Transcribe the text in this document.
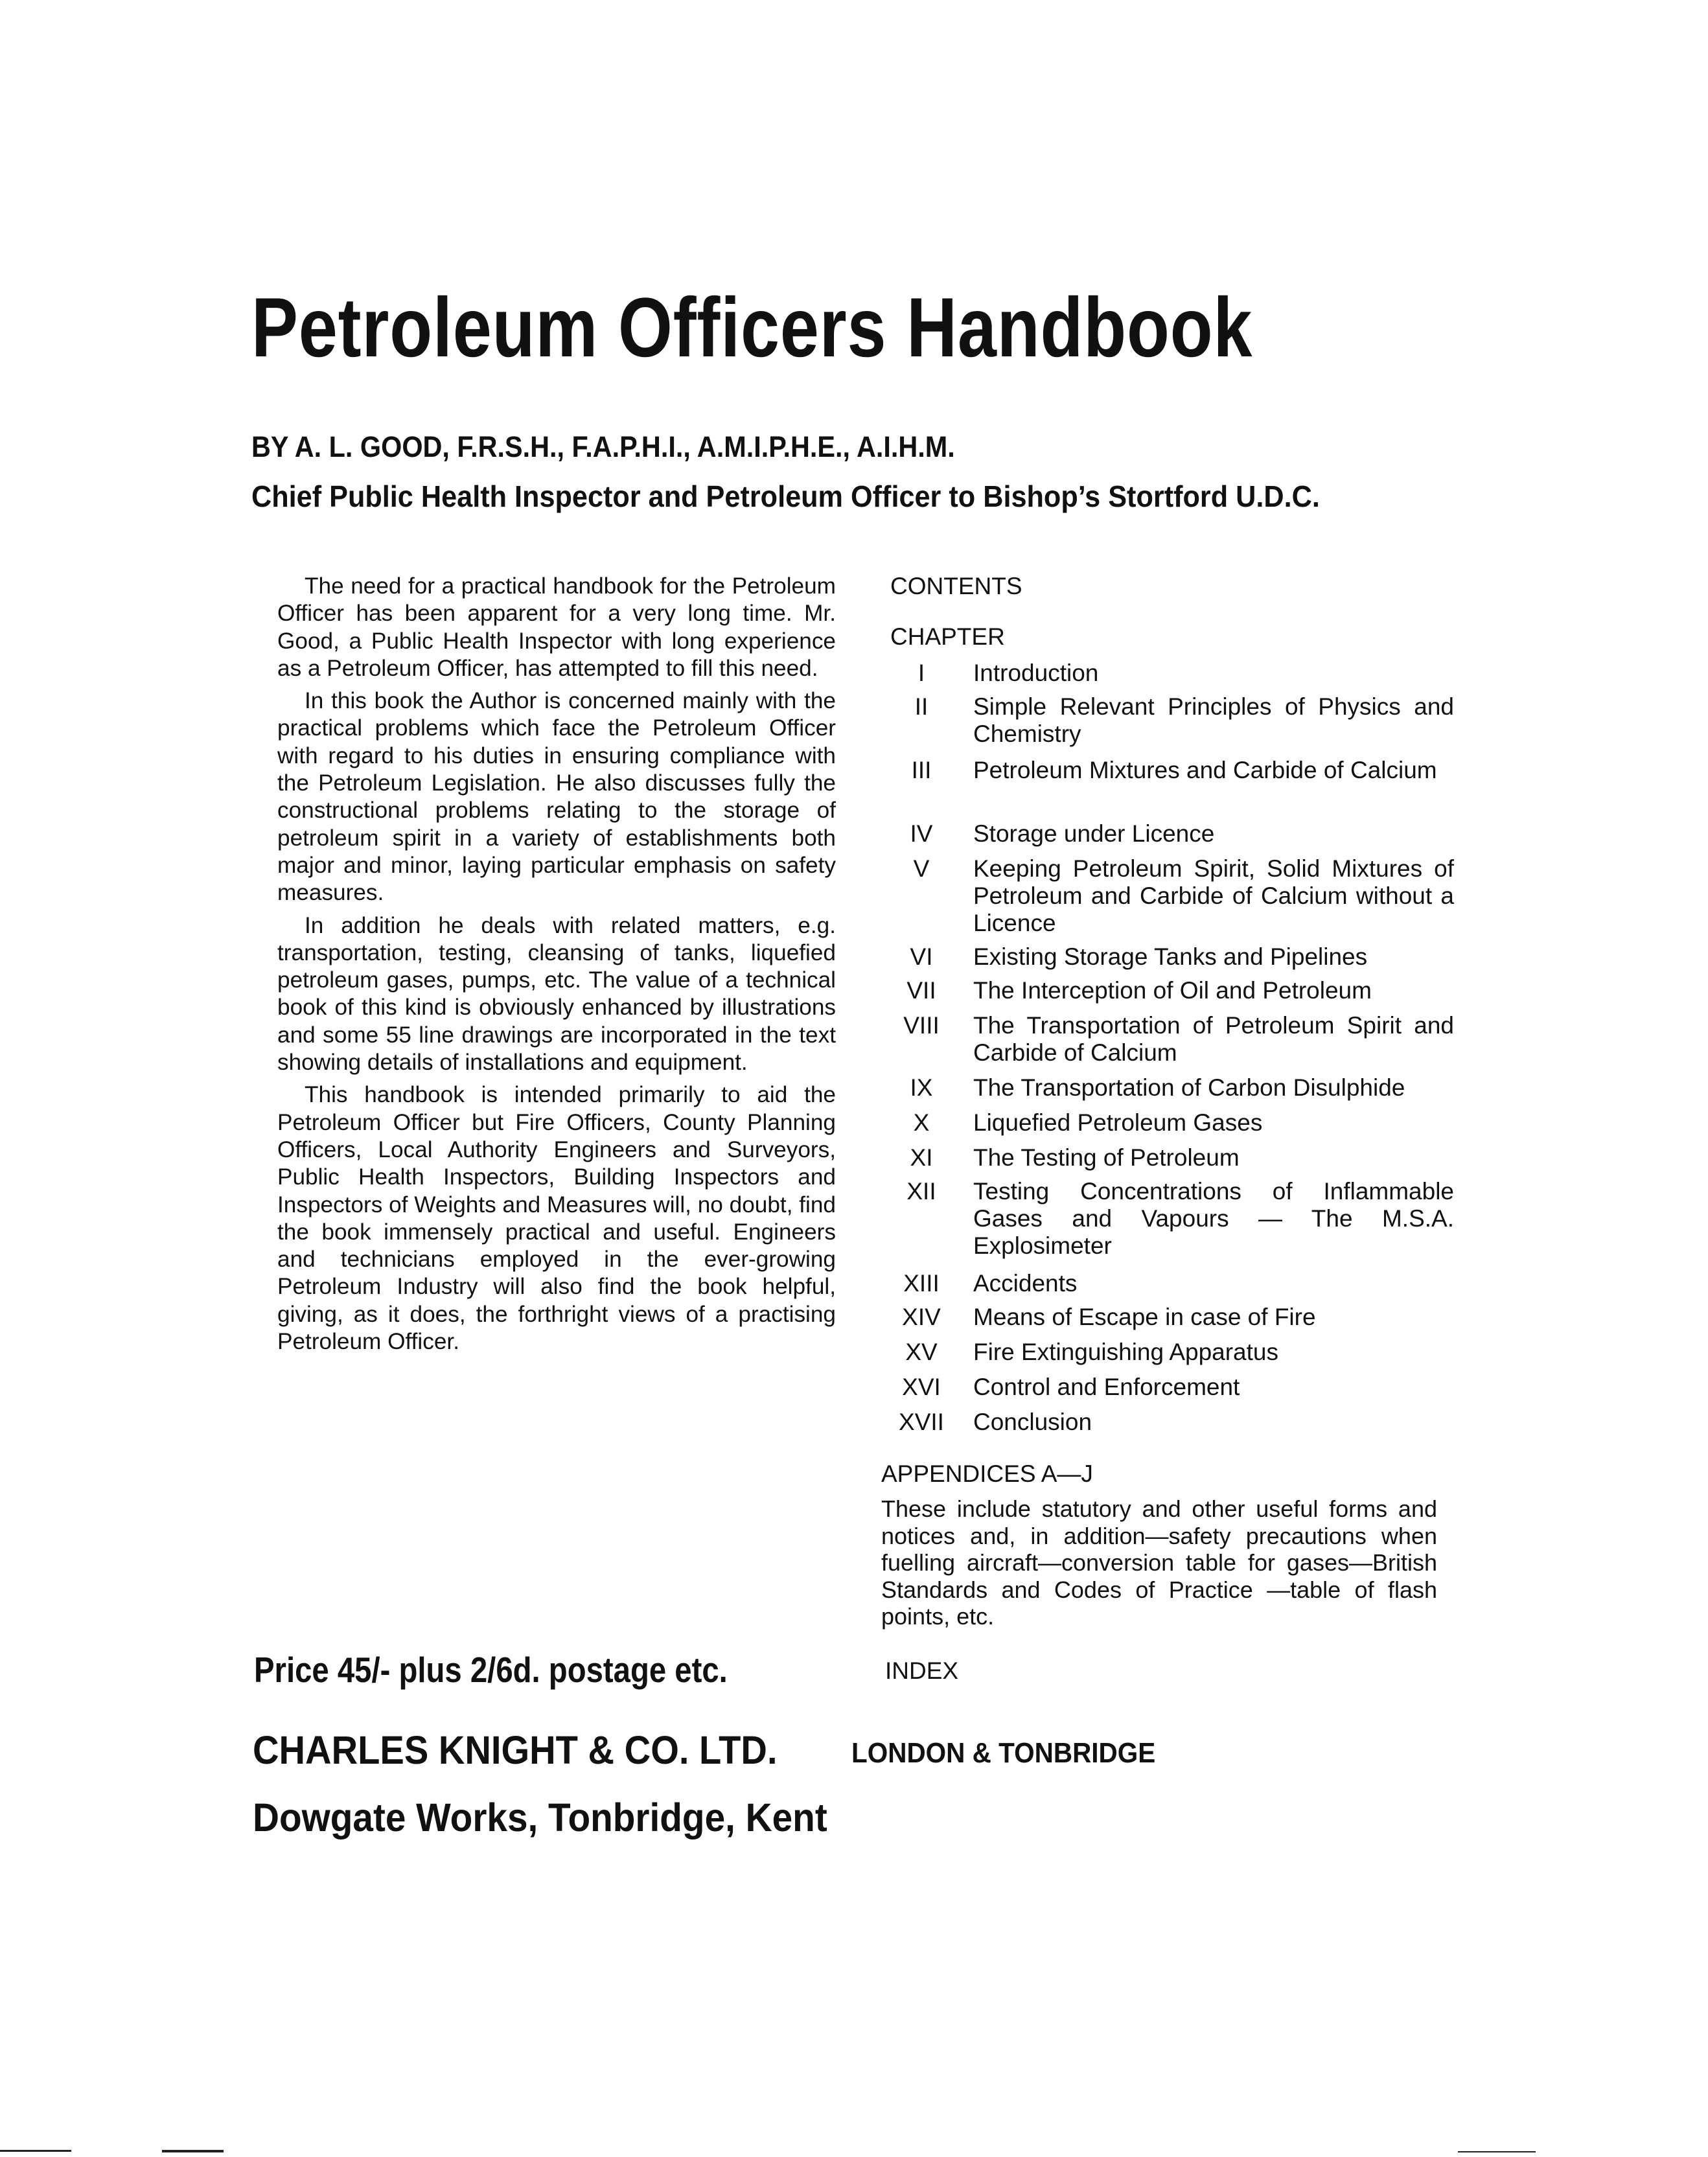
Petroleum Officers Handbook
BY A. L. GOOD, F.R.S.H., F.A.P.H.I., A.M.I.P.H.E., A.I.H.M.
Chief Public Health Inspector and Petroleum Officer to Bishop’s Stortford U.D.C.

The need for a practical handbook for the Petroleum Officer has been apparent for a very long time. Mr. Good, a Public Health Inspector with long experience as a Petroleum Officer, has attempted to fill this need.

In this book the Author is concerned mainly with the practical problems which face the Petroleum Officer with regard to his duties in ensuring compliance with the Petroleum Legislation. He also discusses fully the constructional problems relating to the storage of petroleum spirit in a variety of establishments both major and minor, laying particular emphasis on safety measures.

In addition he deals with related matters, e.g. transportation, testing, cleansing of tanks, liquefied petroleum gases, pumps, etc. The value of a technical book of this kind is obviously enhanced by illustrations and some 55 line drawings are incorporated in the text showing details of installations and equipment.

This handbook is intended primarily to aid the Petroleum Officer but Fire Officers, County Planning Officers, Local Authority Engineers and Surveyors, Public Health Inspectors, Building Inspectors and Inspectors of Weights and Measures will, no doubt, find the book immensely practical and useful. Engineers and technicians employed in the ever-growing Petroleum Industry will also find the book helpful, giving, as it does, the forthright views of a practising Petroleum Officer.

CONTENTS
CHAPTER
I	Introduction
II	Simple Relevant Principles of Physics and Chemistry
III	Petroleum Mixtures and Carbide of Calcium
IV	Storage under Licence
V	Keeping Petroleum Spirit, Solid Mixtures of Petroleum and Carbide of Calcium without a Licence
VI	Existing Storage Tanks and Pipelines
VII	The Interception of Oil and Petroleum
VIII	The Transportation of Petroleum Spirit and Carbide of Calcium
IX	The Transportation of Carbon Disulphide
X	Liquefied Petroleum Gases
XI	The Testing of Petroleum
XII	Testing Concentrations of Inflammable Gases and Vapours — The M.S.A. Explosimeter
XIII	Accidents
XIV	Means of Escape in case of Fire
XV	Fire Extinguishing Apparatus
XVI	Control and Enforcement
XVII	Conclusion
APPENDICES A—J
These include statutory and other useful forms and notices and, in addition—safety precautions when fuelling aircraft—conversion table for gases—British Standards and Codes of Practice —table of flash points, etc.
INDEX
Price 45/- plus 2/6d. postage etc.
CHARLES KNIGHT & CO. LTD.	LONDON & TONBRIDGE
Dowgate Works, Tonbridge, Kent
